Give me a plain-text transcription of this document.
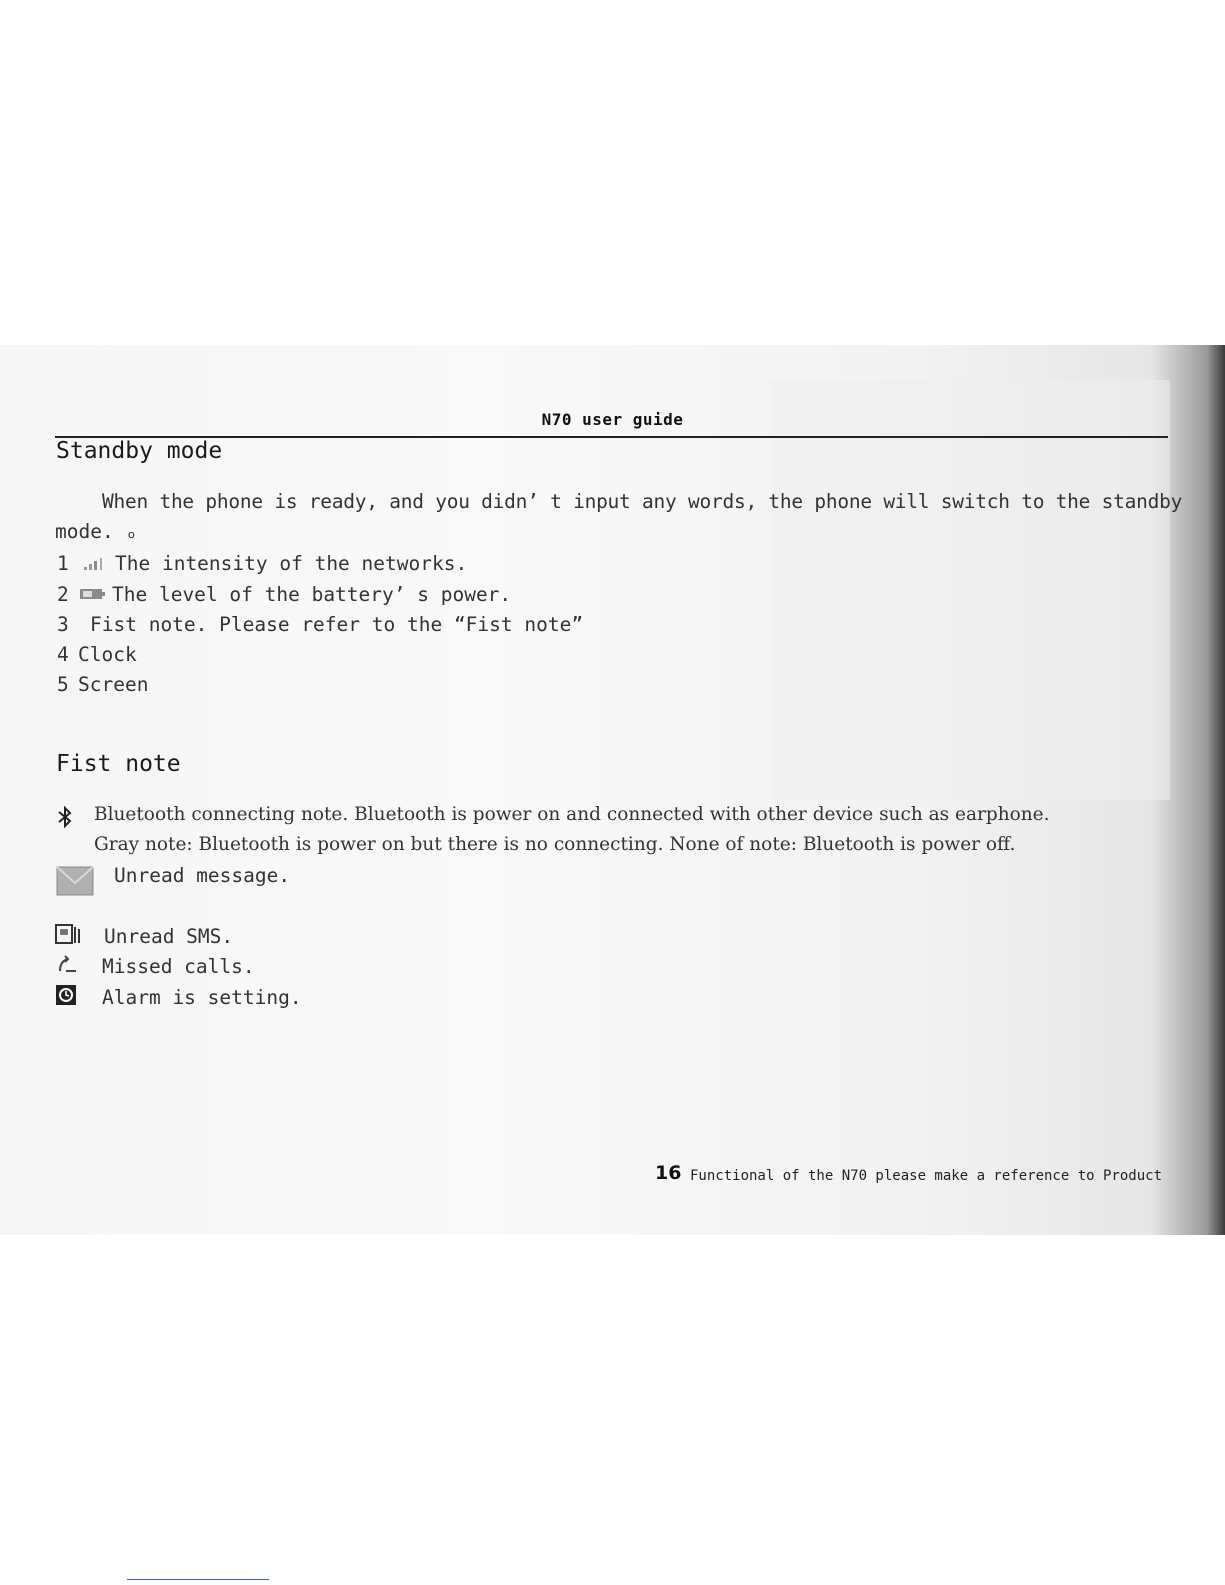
N70 user guide
Standby mode
When the phone is ready, and you didn’ t input any words, the phone will switch to the standby
mode. ₒ
1 The intensity of the networks.
2 The level of the battery’ s power.
3 Fist note. Please refer to the “Fist note”
4 Clock
5 Screen
Fist note
Bluetooth connecting note. Bluetooth is power on and connected with other device such as earphone.
Gray note: Bluetooth is power on but there is no connecting. None of note: Bluetooth is power off.
Unread message.
Unread SMS.
Missed calls.
Alarm is setting.
16 Functional of the N70 please make a reference to Product
